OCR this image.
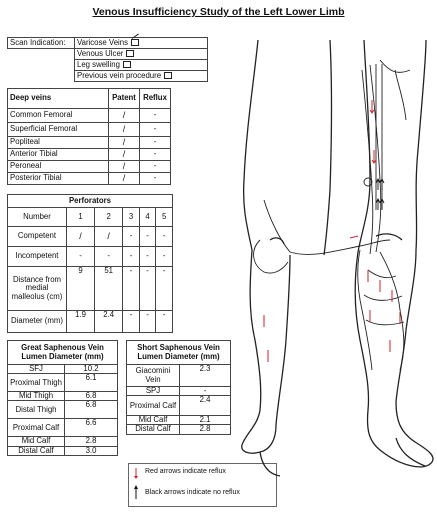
Venous Insufficiency Study of the Left Lower Limb
Scan Indication:	Varicose Veins
	Venous Ulcer
	Leg swelling
	Previous vein procedure
Deep veins	Patent	Reflux
Common Femoral	/	-
Superficial Femoral	/	-
Popliteal	/	-
Anterior Tibial	/	-
Peroneal	/	-
Posterior Tibial	/	-
Perforators					
Number	1	2	3	4	5
Competent	/	/	-	-	-
Incompetent	-	-	-	-	-
Distance from medial malleolus (cm)	9	51	-	-	-
Diameter (mm)	1.9	2.4	-	-	-
Great Saphenous Vein Lumen Diameter (mm)	
SFJ	10.2
Proximal Thigh	6.1
Mid Thigh	6.8
Distal Thigh	6.8
Proximal Calf	6.6
Mid Calf	2.8
Distal Calf	3.0
Short Saphenous Vein Lumen Diameter (mm)	
Giacomini Vein	2.3
SPJ	-
Proximal Calf	2.4
Mid Calf	2.1
Distal Calf	2.8
Red arrows indicate reflux
Black arrows indicate no reflux
